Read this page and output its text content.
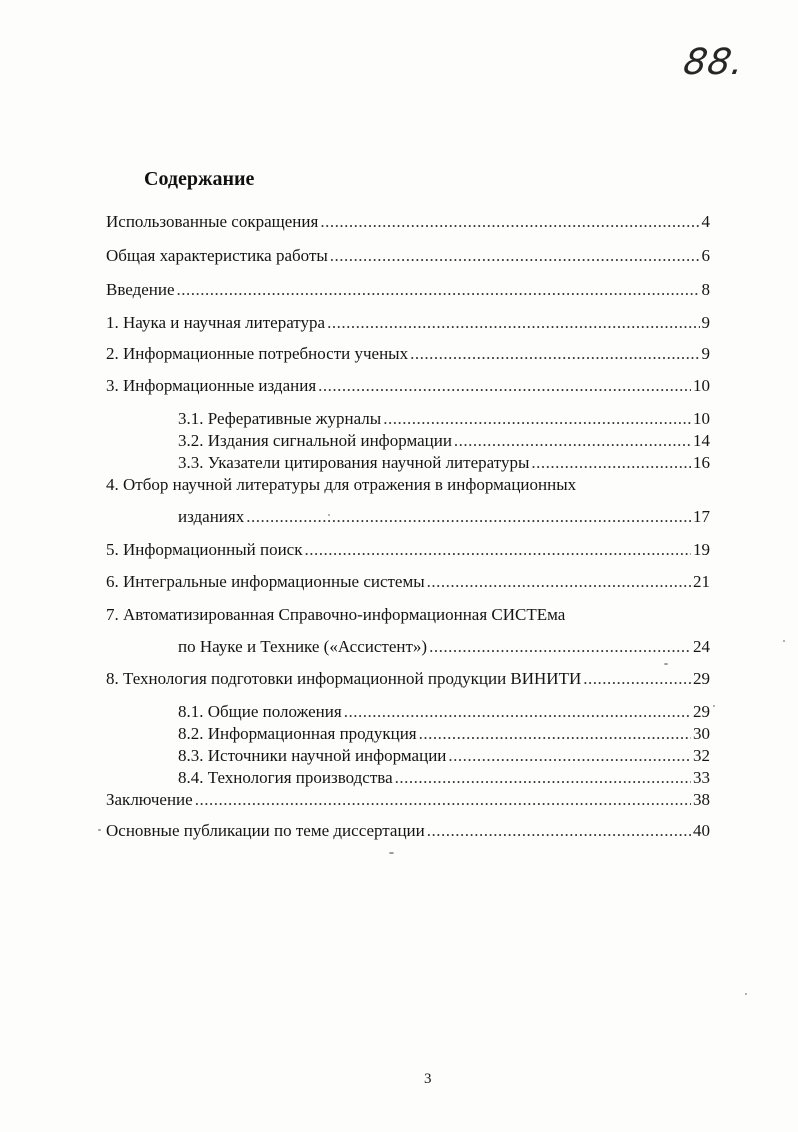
88.
Содержание
Использованные сокращения .....	4
Общая характеристика работы .....	6
Введение .....	8
1. Наука и научная литература .....	9
2. Информационные потребности ученых .....	9
3. Информационные издания .....	10
3.1. Реферативные журналы .....	10
3.2. Издания сигнальной информации .....	14
3.3. Указатели цитирования научной литературы .....	16
4. Отбор научной литературы для отражения в информационных
изданиях .....	17
5. Информационный поиск .....	19
6. Интегральные информационные системы .....	21
7. Автоматизированная Справочно-информационная СИСТЕма
по Науке и Технике («Ассистент») .....	24
8. Технология подготовки информационной продукции ВИНИТИ .....	29
8.1. Общие положения .....	29
8.2. Информационная продукция .....	30
8.3. Источники научной информации .....	32
8.4. Технология производства .....	33
Заключение .....	38
Основные публикации по теме диссертации .....	40
3
